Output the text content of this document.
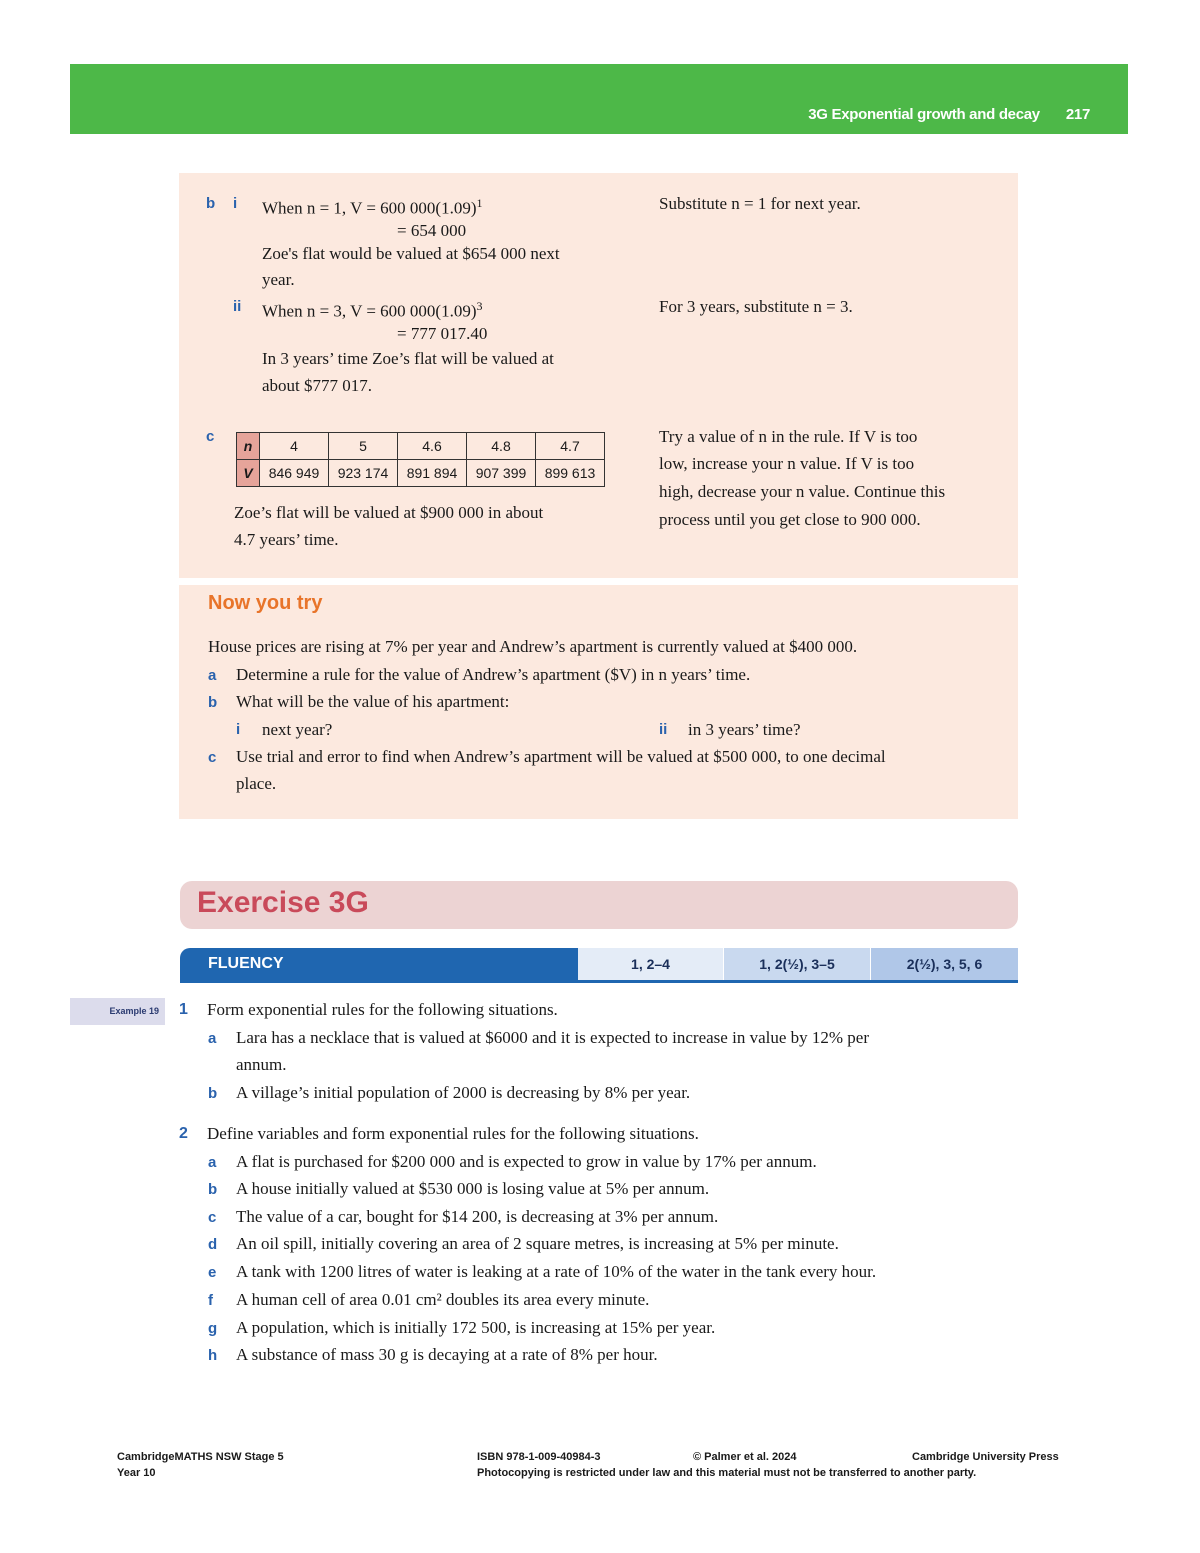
3G Exponential growth and decay 217
b i When n = 1, V = 600 $000(1.09)^1$
= 654 000
Zoe's flat would be valued at $654 000 next
year.
Substitute n = 1 for next year.
ii When n = 3, V = 600 $000(1.09)^3$
= 777 017.40
In 3 years’ time Zoe’s flat will be valued at
about $777 017.
For 3 years, substitute n = 3.
c
n	4	5	4.6	4.8	4.7
V	846 949	923 174	891 894	907 399	899 613
Zoe’s flat will be valued at $900 000 in about
4.7 years’ time.
Try a value of n in the rule. If V is too
low, increase your n value. If V is too
high, decrease your n value. Continue this
process until you get close to 900 000.
Now you try
House prices are rising at 7% per year and Andrew’s apartment is currently valued at $400 000.
a Determine a rule for the value of Andrew’s apartment ($V) in n years’ time.
b What will be the value of his apartment:
i next year?	ii in 3 years’ time?
c Use trial and error to find when Andrew’s apartment will be valued at $500 000, to one decimal
place.
Exercise 3G
FLUENCY	1, 2–4	1, 2(½), 3–5	2(½), 3, 5, 6
Example 19	1 Form exponential rules for the following situations.
a Lara has a necklace that is valued at $6000 and it is expected to increase in value by 12% per
annum.
b A village’s initial population of 2000 is decreasing by 8% per year.
2 Define variables and form exponential rules for the following situations.
a A flat is purchased for $200 000 and is expected to grow in value by 17% per annum.
b A house initially valued at $530 000 is losing value at 5% per annum.
c The value of a car, bought for $14 200, is decreasing at 3% per annum.
d An oil spill, initially covering an area of 2 square metres, is increasing at 5% per minute.
e A tank with 1200 litres of water is leaking at a rate of 10% of the water in the tank every hour.
f A human cell of area 0.01 cm² doubles its area every minute.
g A population, which is initially 172 500, is increasing at 15% per year.
h A substance of mass 30 g is decaying at a rate of 8% per hour.
CambridgeMATHS NSW Stage 5
Year 10
ISBN 978-1-009-40984-3	© Palmer et al. 2024	Cambridge University Press
Photocopying is restricted under law and this material must not be transferred to another party.
